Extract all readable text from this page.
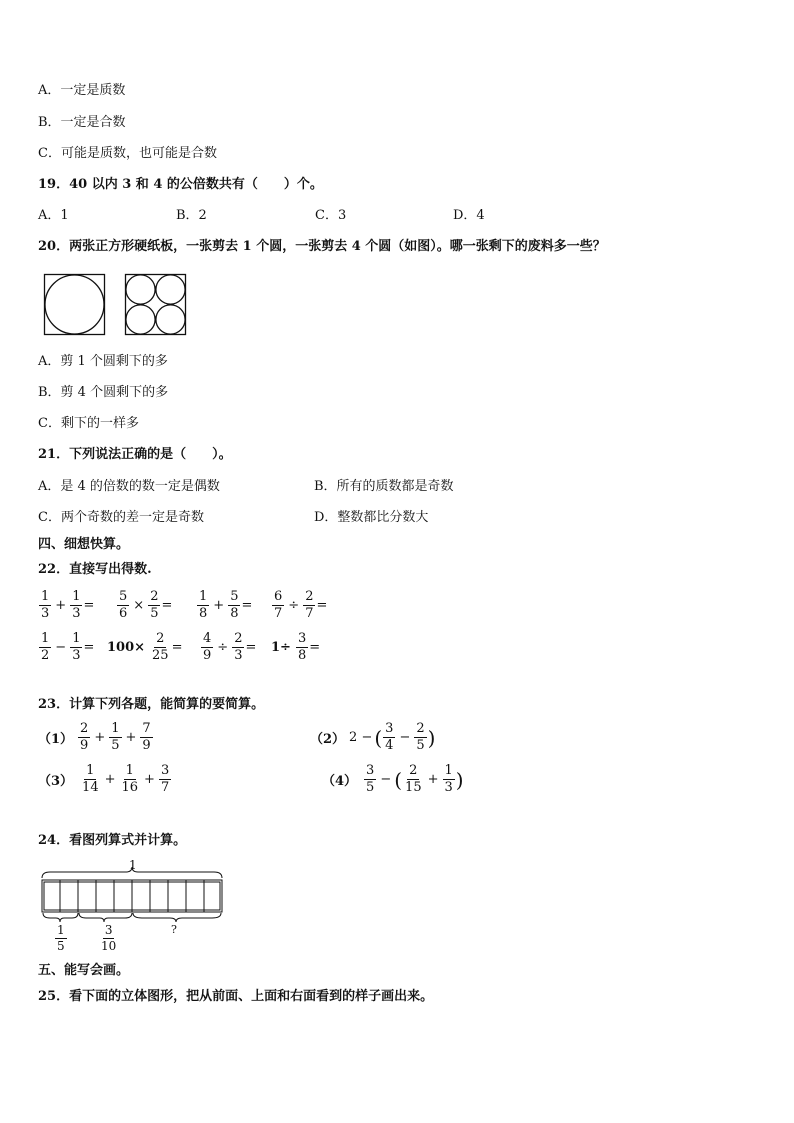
A．一定是质数
B．一定是合数
C．可能是质数，也可能是合数
19．40 以内 3 和 4 的公倍数共有（　　）个。
A．1	B．2	C．3	D．4
20．两张正方形硬纸板，一张剪去 1 个圆，一张剪去 4 个圆（如图）。哪一张剩下的废料多一些？
A．剪 1 个圆剩下的多
B．剪 4 个圆剩下的多
C．剩下的一样多
21．下列说法正确的是（　　）。
A．是 4 的倍数的数一定是偶数	B．所有的质数都是奇数
C．两个奇数的差一定是奇数	D．整数都比分数大
四、细想快算。
22．直接写出得数.
$\frac{1}{3} + \frac{1}{3} = \frac{5}{6} \times \frac{2}{5} = \frac{1}{8} + \frac{5}{8} = \frac{6}{7} \div \frac{2}{7}$ =
$\frac{1}{2} - \frac{1}{3} = 100\times \frac{2}{25} = \frac{4}{9} \div \frac{2}{3} = 1\div \frac{3}{8}$ =
23．计算下列各题，能简算的要简算。
$(1) \frac{2}{9} + \frac{1}{5} + \frac{7}{9}$	（2） 2 − ( $\frac{3}{4} - \frac{2}{5}$ )
$(3) \frac{1}{14} + \frac{1}{16} + \frac{3}{7}$	$(4) \frac{3}{5}$ − ( $\frac{2}{15} + \frac{1}{3}$ )
24．看图列算式并计算。
1
?
$\frac{1}{5}$	$\frac{3}{10}$
五、能写会画。
25．看下面的立体图形，把从前面、上面和右面看到的样子画出来。
